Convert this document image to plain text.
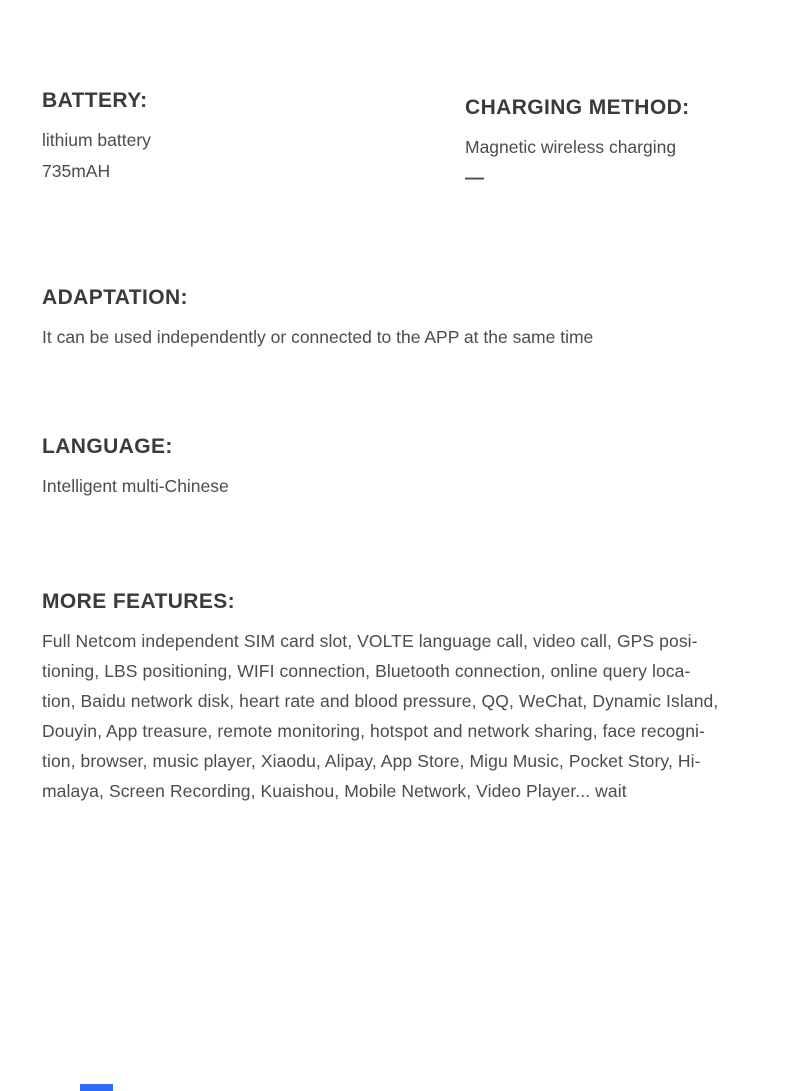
BATTERY:
lithium battery
735mAH
CHARGING METHOD:
Magnetic wireless charging
—
ADAPTATION:
It can be used independently or connected to the APP at the same time
LANGUAGE:
Intelligent multi-Chinese
MORE FEATURES:
Full Netcom independent SIM card slot, VOLTE language call, video call, GPS posi-
tioning, LBS positioning, WIFI connection, Bluetooth connection, online query loca-
tion, Baidu network disk, heart rate and blood pressure, QQ, WeChat, Dynamic Island,
Douyin, App treasure, remote monitoring, hotspot and network sharing, face recogni-
tion, browser, music player, Xiaodu, Alipay, App Store, Migu Music, Pocket Story, Hi-
malaya, Screen Recording, Kuaishou, Mobile Network, Video Player... wait
